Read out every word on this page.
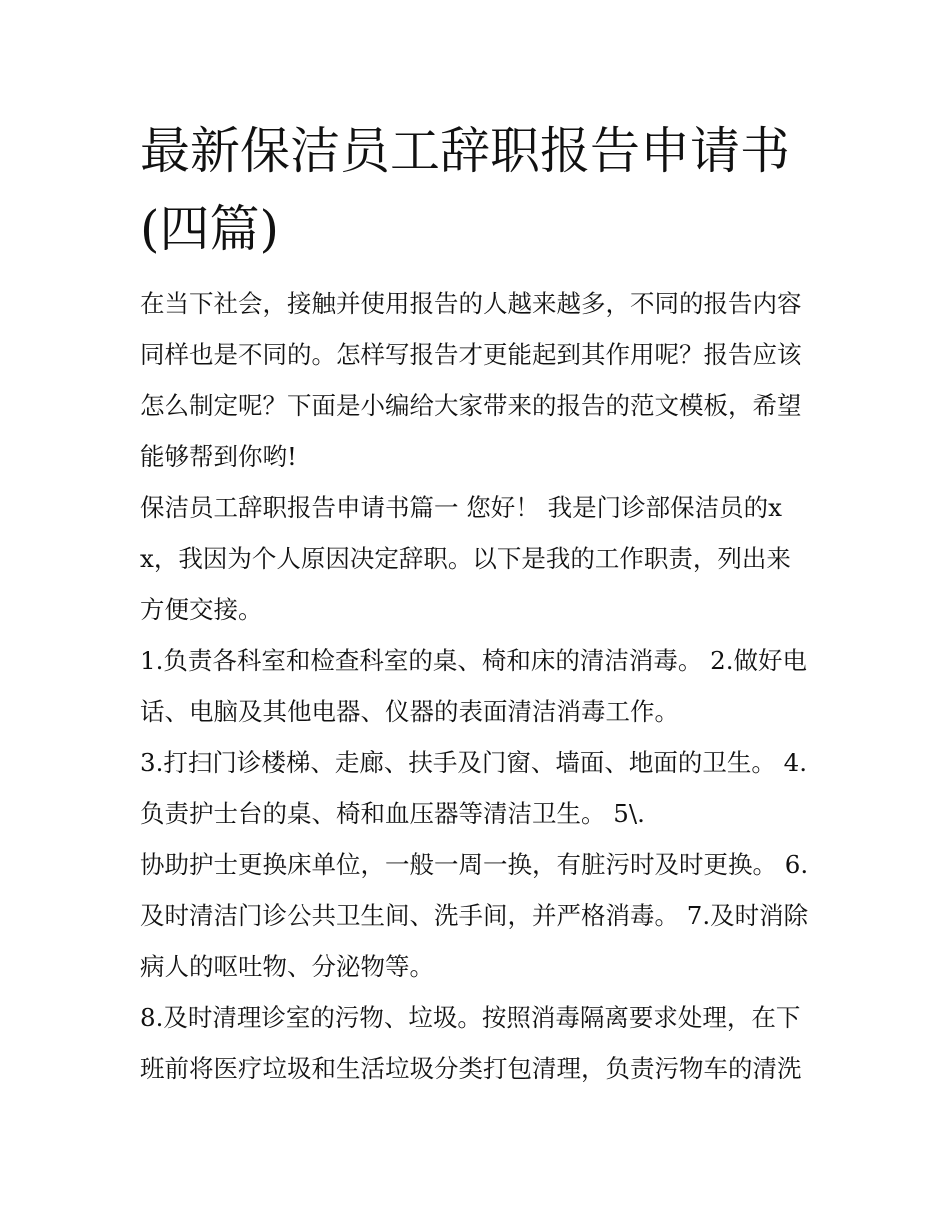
最新保洁员工辞职报告申请书(四篇)

在当下社会，接触并使用报告的人越来越多，不同的报告内容同样也是不同的。怎样写报告才更能起到其作用呢？报告应该怎么制定呢？下面是小编给大家带来的报告的范文模板，希望能够帮到你哟!

保洁员工辞职报告申请书篇一 您好！ 我是门诊部保洁员的xx，我因为个人原因决定辞职。以下是我的工作职责，列出来方便交接。

1.负责各科室和检查科室的桌、椅和床的清洁消毒。 2.做好电话、电脑及其他电器、仪器的表面清洁消毒工作。

3.打扫门诊楼梯、走廊、扶手及门窗、墙面、地面的卫生。 4.负责护士台的桌、椅和血压器等清洁卫生。 5\.

协助护士更换床单位，一般一周一换，有脏污时及时更换。 6.及时清洁门诊公共卫生间、洗手间，并严格消毒。 7.及时消除病人的呕吐物、分泌物等。

8.及时清理诊室的污物、垃圾。按照消毒隔离要求处理，在下班前将医疗垃圾和生活垃圾分类打包清理，负责污物车的清洗
